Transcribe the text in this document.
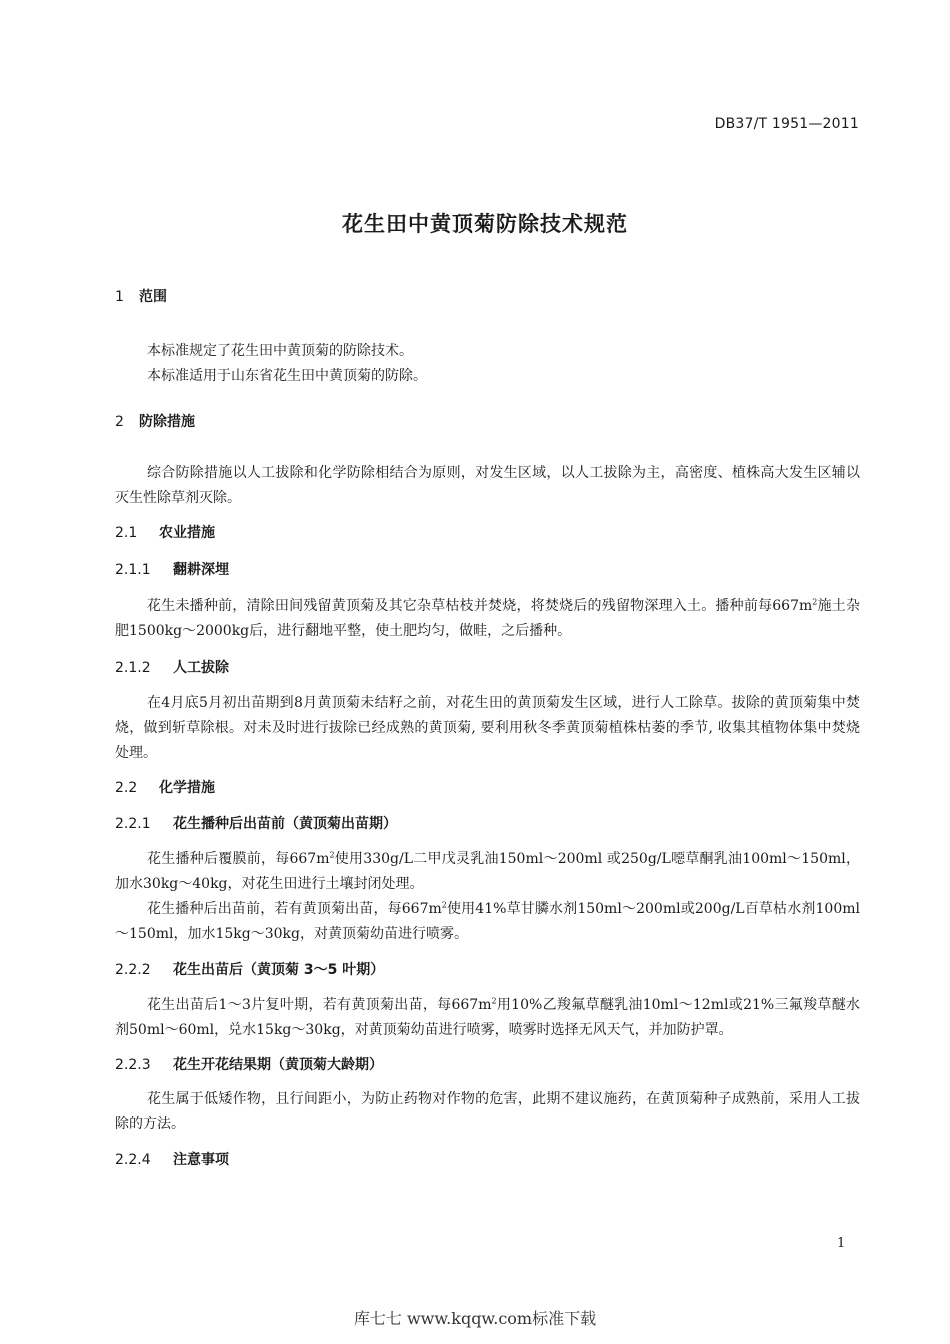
DB37/T 1951—2011
花生田中黄顶菊防除技术规范
1 范围

本标准规定了花生田中黄顶菊的防除技术。

本标准适用于山东省花生田中黄顶菊的防除。

2 防除措施

综合防除措施以人工拔除和化学防除相结合为原则，对发生区域，以人工拔除为主，高密度、植株高大发生区辅以灭生性除草剂灭除。

2.1 农业措施
2.1.1 翻耕深埋

花生未播种前，清除田间残留黄顶菊及其它杂草枯枝并焚烧，将焚烧后的残留物深理入土。播种前每$667m^2$施土杂肥1500kg～2000kg后，进行翻地平整，使土肥均匀，做畦，之后播种。

2.1.2 人工拔除

在4月底5月初出苗期到8月黄顶菊未结籽之前，对花生田的黄顶菊发生区域，进行人工除草。拔除的黄顶菊集中焚烧，做到斩草除根。对未及时进行拔除已经成熟的黄顶菊, 要利用秋冬季黄顶菊植株枯萎的季节, 收集其植物体集中焚烧处理。

2.2 化学措施
2.2.1 花生播种后出苗前（黄顶菊出苗期）

花生播种后覆膜前，每$667m^2$使用330g/L二甲戊灵乳油150ml～200ml 或250g/L噁草酮乳油100ml～150ml，加水30kg～40kg，对花生田进行土壤封闭处理。

花生播种后出苗前，若有黄顶菊出苗，每$667m^2$使用41%草甘膦水剂150ml～200ml或200g/L百草枯水剂100ml～150ml，加水15kg～30kg，对黄顶菊幼苗进行喷雾。

2.2.2 花生出苗后（黄顶菊 3～5 叶期）

花生出苗后1～3片复叶期，若有黄顶菊出苗，每$667m^2$用10%乙羧氟草醚乳油10ml～12ml或21%三氟羧草醚水剂50ml～60ml，兑水15kg～30kg，对黄顶菊幼苗进行喷雾，喷雾时选择无风天气，并加防护罩。

2.2.3 花生开花结果期（黄顶菊大龄期）

花生属于低矮作物，且行间距小，为防止药物对作物的危害，此期不建议施药，在黄顶菊种子成熟前，采用人工拔除的方法。

2.2.4 注意事项
1
库七七 www.kqqw.com标准下载
